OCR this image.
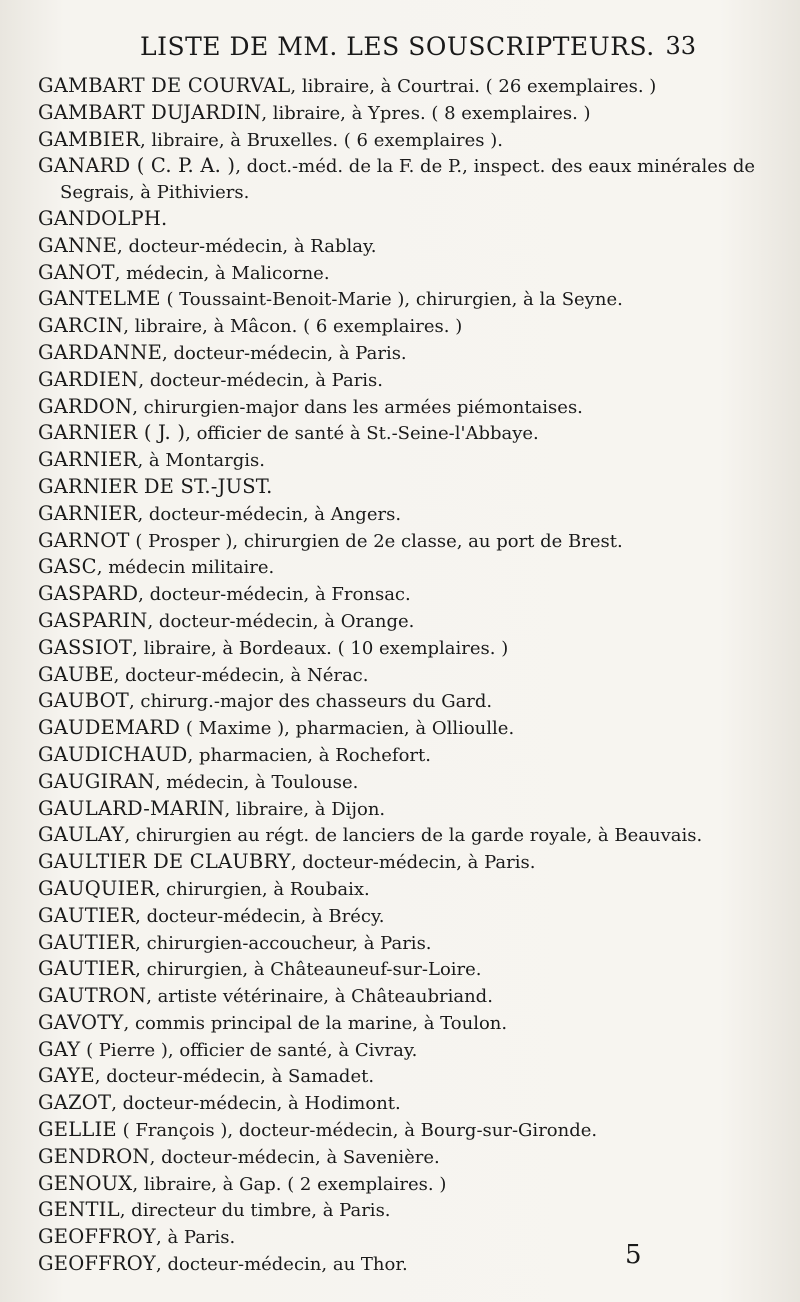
LISTE DE MM. LES SOUSCRIPTEURS. 33
GAMBART DE COURVAL, libraire, à Courtrai. ( 26 exemplaires. )
GAMBART DUJARDIN, libraire, à Ypres. ( 8 exemplaires. )
GAMBIER, libraire, à Bruxelles. ( 6 exemplaires ).
GANARD ( C. P. A. ), doct.-méd. de la F. de P., inspect. des eaux minérales de Segrais, à Pithiviers.
GANDOLPH.
GANNE, docteur-médecin, à Rablay.
GANOT, médecin, à Malicorne.
GANTELME ( Toussaint-Benoit-Marie ), chirurgien, à la Seyne.
GARCIN, libraire, à Mâcon. ( 6 exemplaires. )
GARDANNE, docteur-médecin, à Paris.
GARDIEN, docteur-médecin, à Paris.
GARDON, chirurgien-major dans les armées piémontaises.
GARNIER ( J. ), officier de santé à St.-Seine-l'Abbaye.
GARNIER, à Montargis.
GARNIER DE ST.-JUST.
GARNIER, docteur-médecin, à Angers.
GARNOT ( Prosper ), chirurgien de 2e classe, au port de Brest.
GASC, médecin militaire.
GASPARD, docteur-médecin, à Fronsac.
GASPARIN, docteur-médecin, à Orange.
GASSIOT, libraire, à Bordeaux. ( 10 exemplaires. )
GAUBE, docteur-médecin, à Nérac.
GAUBOT, chirurg.-major des chasseurs du Gard.
GAUDEMARD ( Maxime ), pharmacien, à Ollioulle.
GAUDICHAUD, pharmacien, à Rochefort.
GAUGIRAN, médecin, à Toulouse.
GAULARD-MARIN, libraire, à Dijon.
GAULAY, chirurgien au régt. de lanciers de la garde royale, à Beauvais.
GAULTIER DE CLAUBRY, docteur-médecin, à Paris.
GAUQUIER, chirurgien, à Roubaix.
GAUTIER, docteur-médecin, à Brécy.
GAUTIER, chirurgien-accoucheur, à Paris.
GAUTIER, chirurgien, à Châteauneuf-sur-Loire.
GAUTRON, artiste vétérinaire, à Châteaubriand.
GAVOTY, commis principal de la marine, à Toulon.
GAY ( Pierre ), officier de santé, à Civray.
GAYE, docteur-médecin, à Samadet.
GAZOT, docteur-médecin, à Hodimont.
GELLIE ( François ), docteur-médecin, à Bourg-sur-Gironde.
GENDRON, docteur-médecin, à Savenière.
GENOUX, libraire, à Gap. ( 2 exemplaires. )
GENTIL, directeur du timbre, à Paris.
GEOFFROY, à Paris.
GEOFFROY, docteur-médecin, au Thor.	5
